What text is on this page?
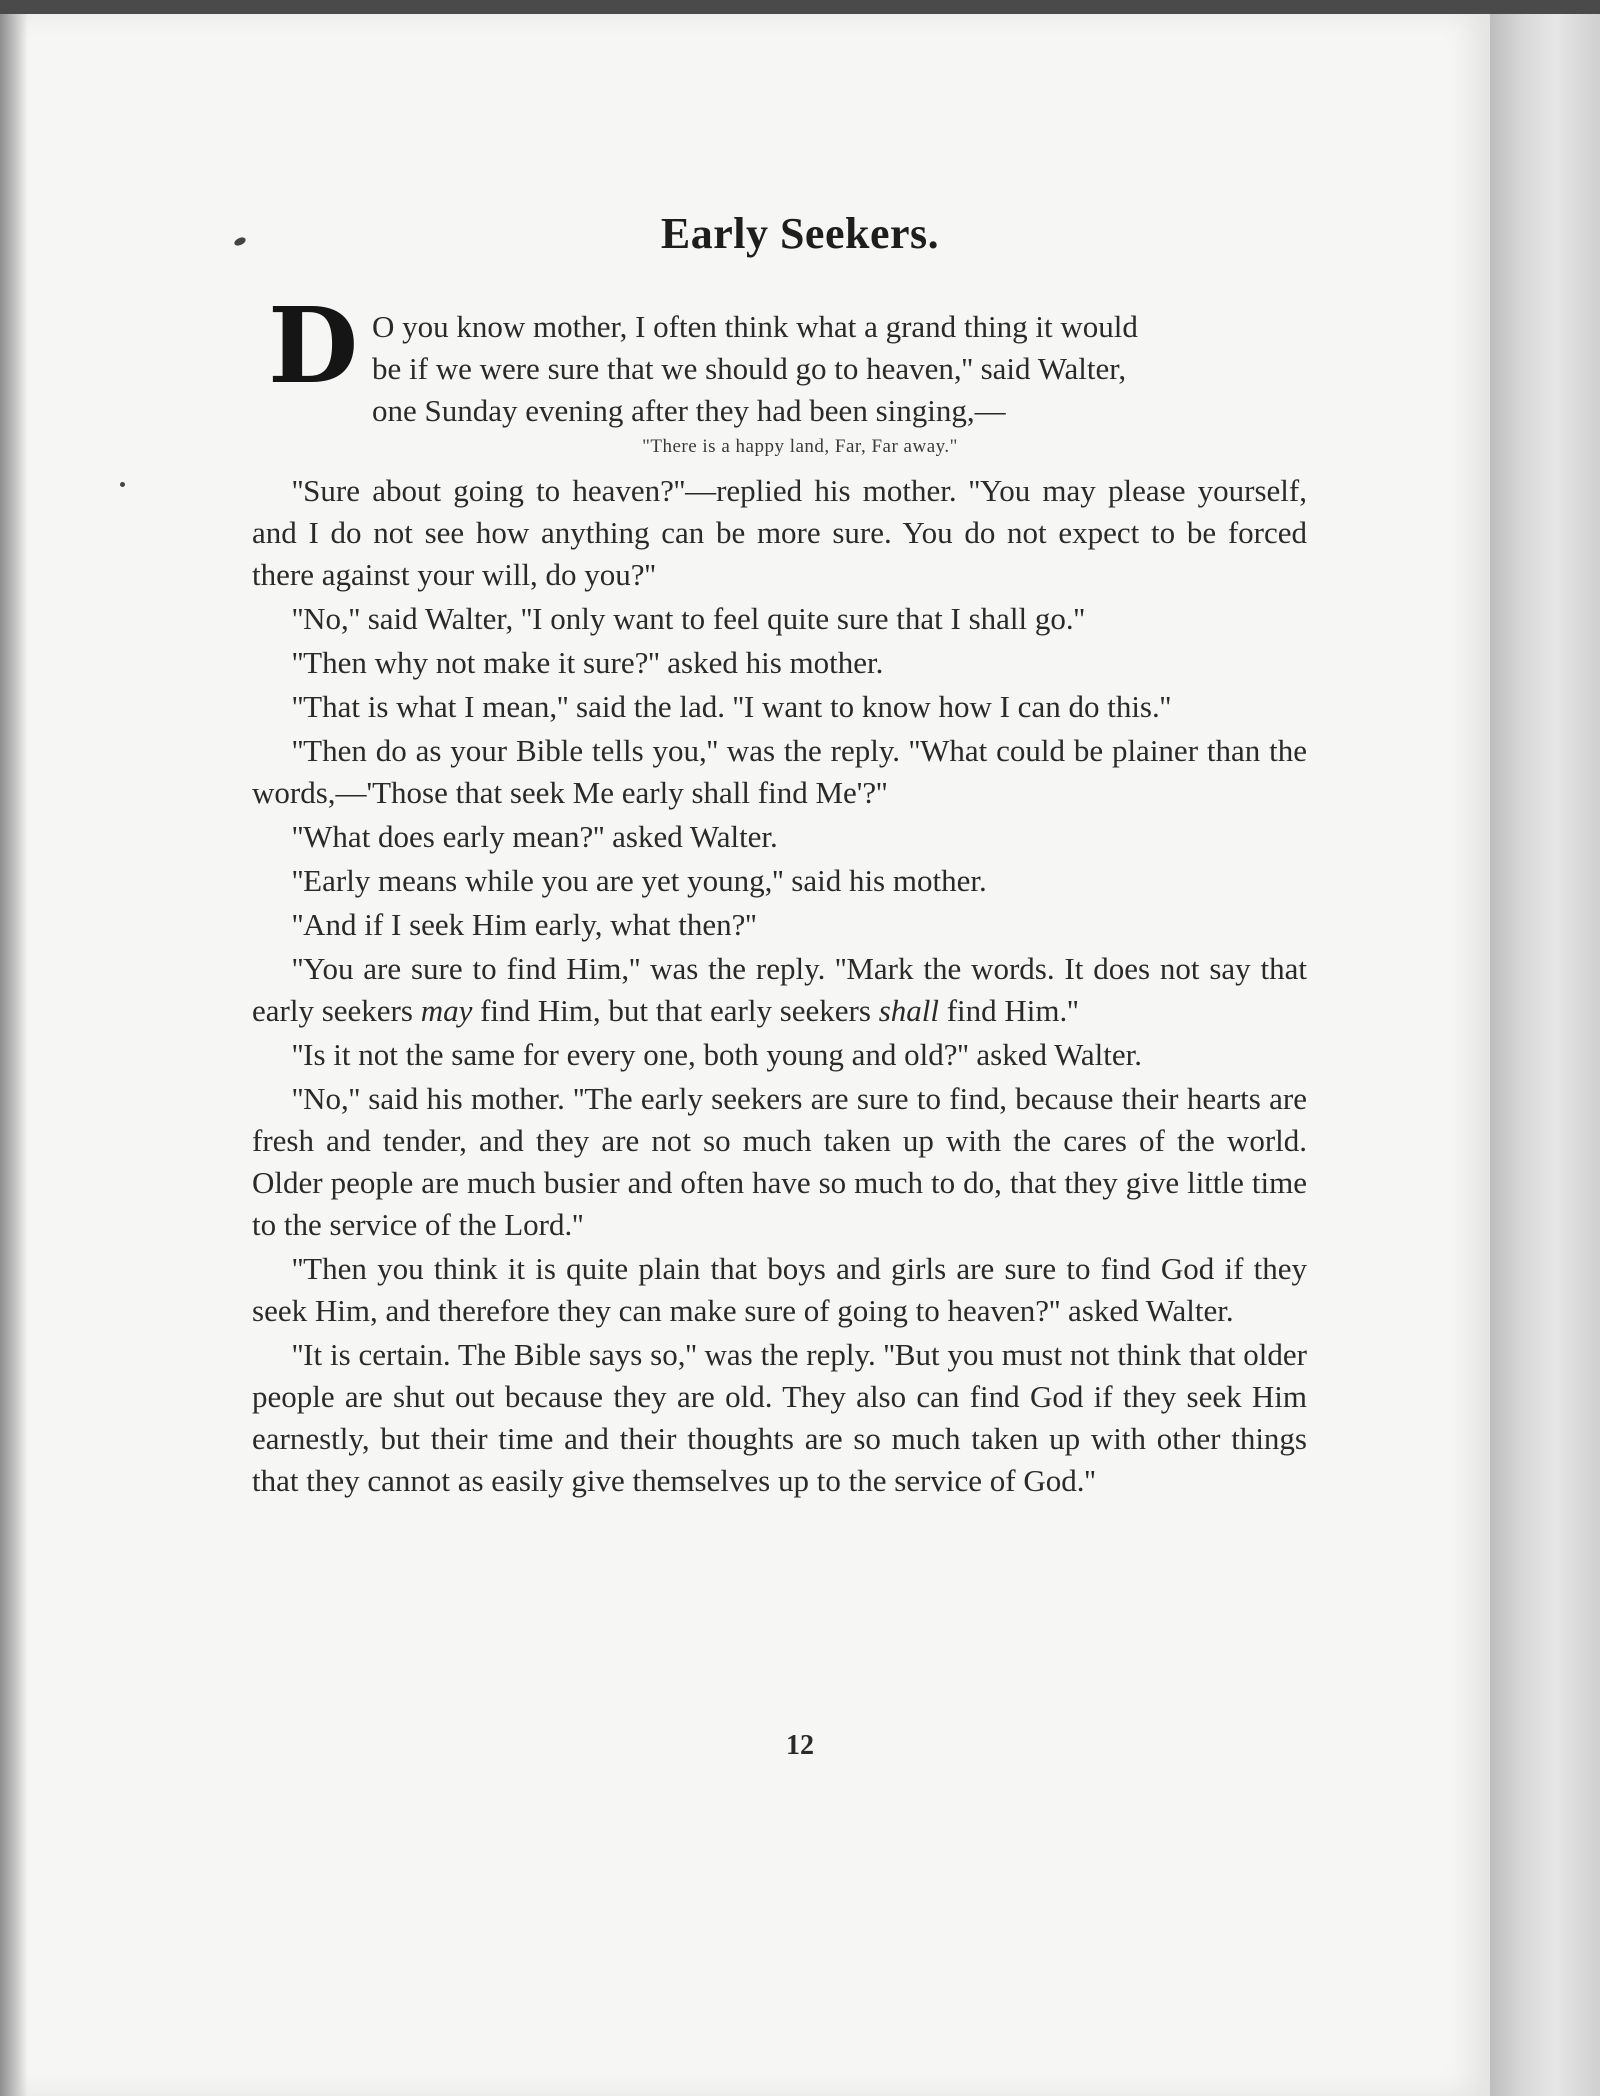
Early Seekers.
D O you know mother, I often think what a grand thing it would
be if we were sure that we should go to heaven,'' said Walter,
one Sunday evening after they had been singing,—
"There is a happy land, Far, Far away."

''Sure about going to heaven?''—replied his mother. ''You may please yourself, and I do not see how anything can be more sure. You do not expect to be forced there against your will, do you?''

''No,'' said Walter, ''I only want to feel quite sure that I shall go.''

''Then why not make it sure?'' asked his mother.

''That is what I mean,'' said the lad. ''I want to know how I can do this.''

''Then do as your Bible tells you,'' was the reply. ''What could be plainer than the words,—'Those that seek Me early shall find Me'?''

''What does early mean?'' asked Walter.

''Early means while you are yet young,'' said his mother.

''And if I seek Him early, what then?''

''You are sure to find Him,'' was the reply. ''Mark the words. It does not say that early seekers may find Him, but that early seekers shall find Him.''

''Is it not the same for every one, both young and old?'' asked Walter.

''No,'' said his mother. ''The early seekers are sure to find, because their hearts are fresh and tender, and they are not so much taken up with the cares of the world. Older people are much busier and often have so much to do, that they give little time to the service of the Lord.''

''Then you think it is quite plain that boys and girls are sure to find God if they seek Him, and therefore they can make sure of going to heaven?'' asked Walter.

''It is certain. The Bible says so,'' was the reply. ''But you must not think that older people are shut out because they are old. They also can find God if they seek Him earnestly, but their time and their thoughts are so much taken up with other things that they cannot as easily give themselves up to the service of God.''

12
